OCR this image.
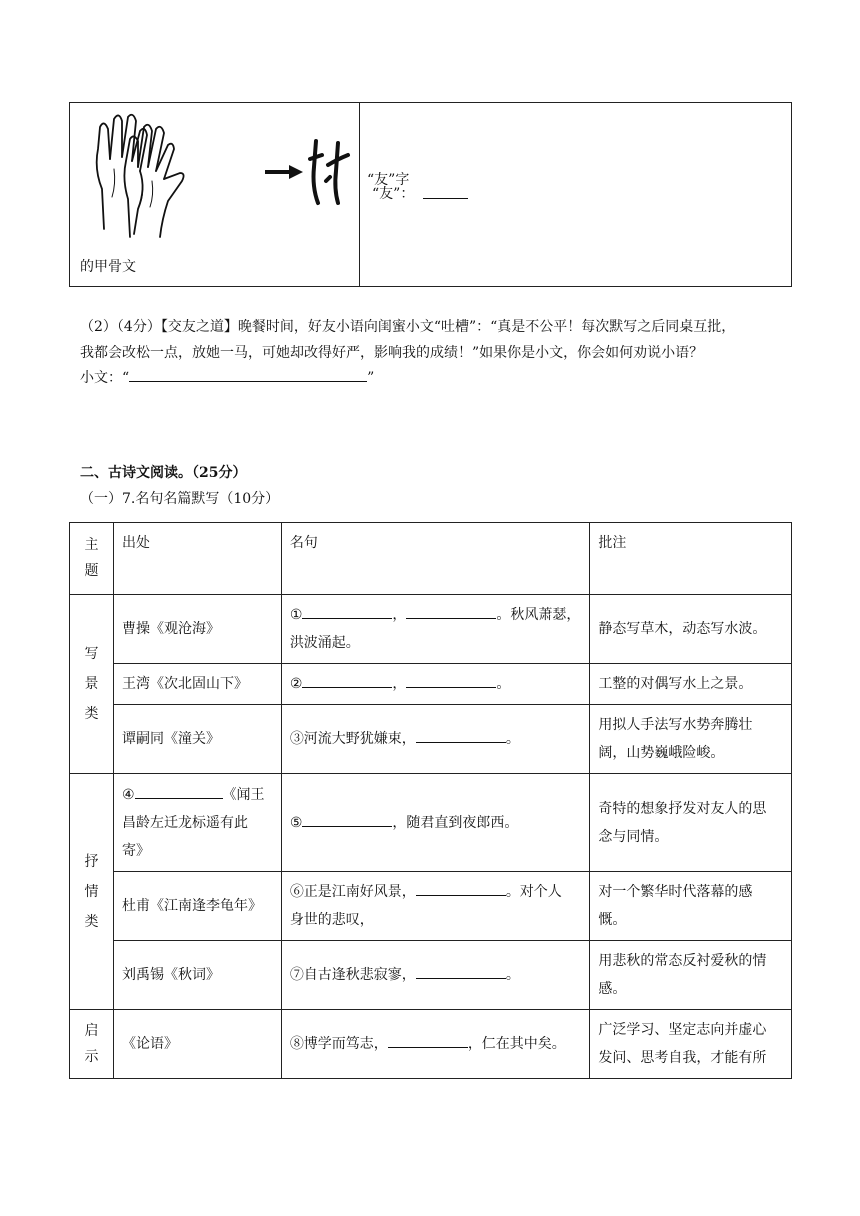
“友”字
的甲骨文

“友”：
（2）（4分）【交友之道】晚餐时间，好友小语向闺蜜小文“吐槽”：“真是不公平！每次默写之后同桌互批，
我都会改松一点，放她一马，可她却改得好严，影响我的成绩！”如果你是小文，你会如何劝说小语？
小文：“	”
二、古诗文阅读。（25分）
（一）7.名句名篇默写（10分）
主题	出处	名句	批注
写景类	曹操《观沧海》	① ， 。秋风萧瑟，
洪波涌起。	静态写草木，动态写水波。
	王湾《次北固山下》	② ， 。	工整的对偶写水上之景。
	谭嗣同《潼关》	③河流大野犹嫌束， 。	用拟人手法写水势奔腾壮
阔，山势巍峨险峻。
抒情类	④ 《闻王
昌龄左迁龙标遥有此
寄》	⑤ ，随君直到夜郎西。	奇特的想象抒发对友人的思
念与同情。
	杜甫《江南逢李龟年》	⑥正是江南好风景， 。对个人
身世的悲叹，	对一个繁华时代落幕的感
慨。
	刘禹锡《秋词》	⑦自古逢秋悲寂寥， 。	用悲秋的常态反衬爱秋的情
感。
启示	《论语》	⑧博学而笃志， ，仁在其中矣。	广泛学习、坚定志向并虚心
发问、思考自我，才能有所
